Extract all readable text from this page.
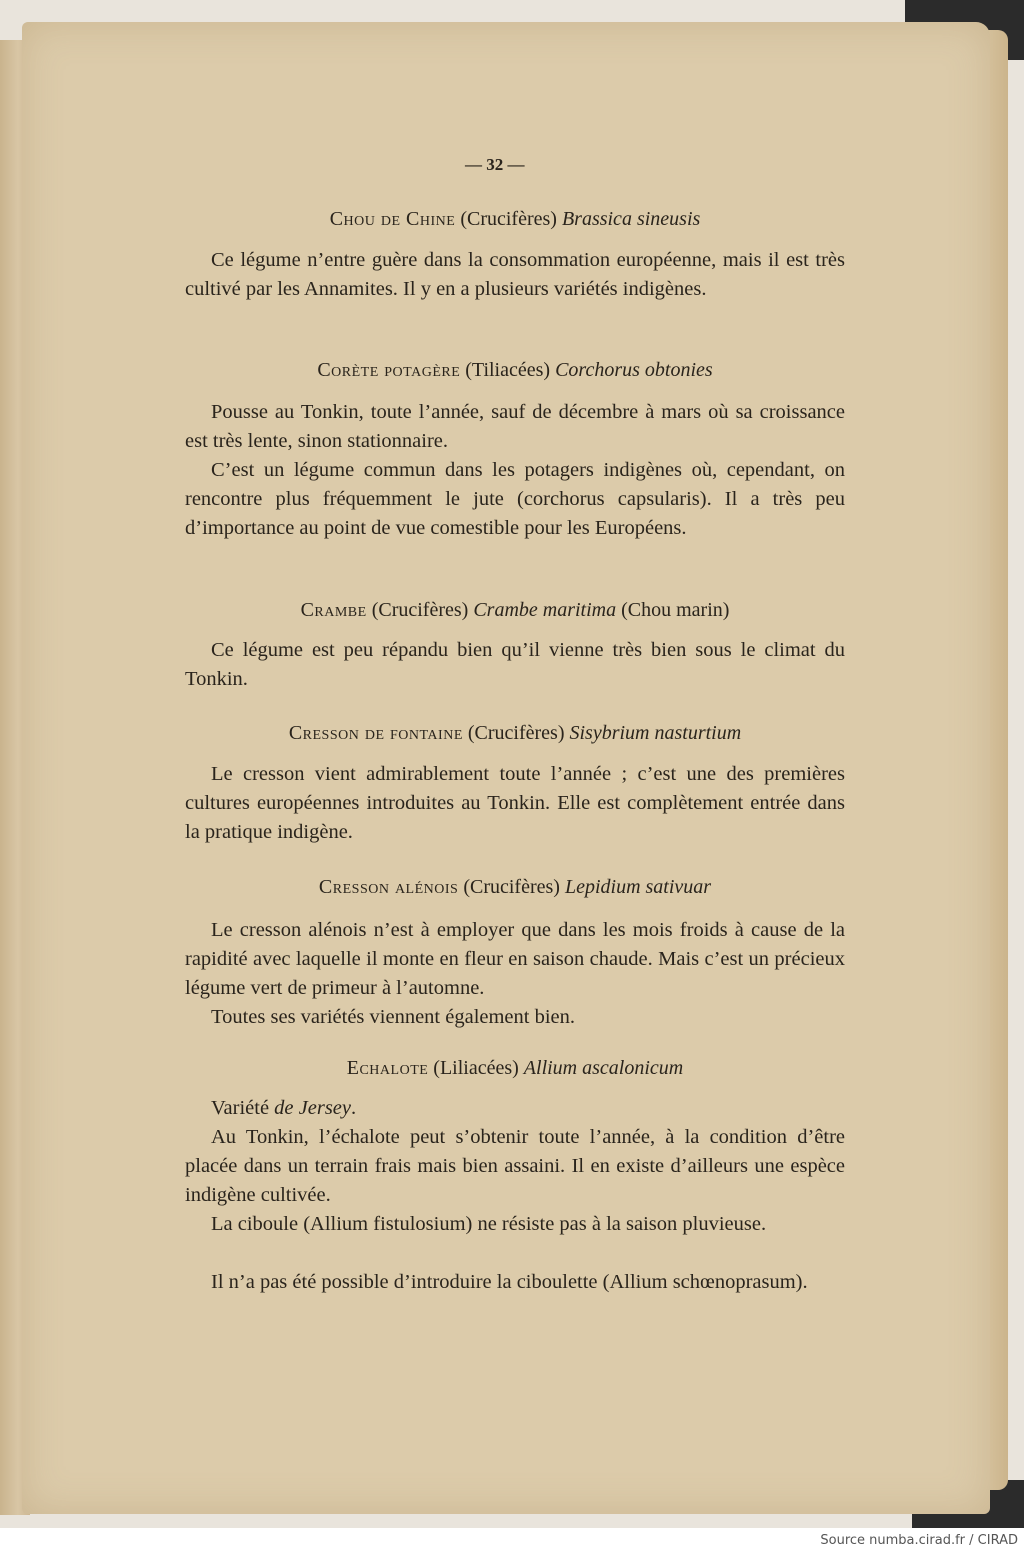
— 32 —
Chou de Chine (Crucifères) Brassica sineusis

Ce légume n’entre guère dans la consommation européenne, mais il est très cultivé par les Annamites. Il y en a plusieurs variétés indigènes.

Corète potagère (Tiliacées) Corchorus obtonies

Pousse au Tonkin, toute l’année, sauf de décembre à mars où sa croissance est très lente, sinon stationnaire.

C’est un légume commun dans les potagers indigènes où, cependant, on rencontre plus fréquemment le jute (corchorus capsularis). Il a très peu d’importance au point de vue comestible pour les Européens.

Crambe (Crucifères) Crambe maritima (Chou marin)

Ce légume est peu répandu bien qu’il vienne très bien sous le climat du Tonkin.

Cresson de fontaine (Crucifères) Sisybrium nasturtium

Le cresson vient admirablement toute l’année ; c’est une des premières cultures européennes introduites au Tonkin. Elle est complètement entrée dans la pratique indigène.

Cresson alénois (Crucifères) Lepidium sativuar

Le cresson alénois n’est à employer que dans les mois froids à cause de la rapidité avec laquelle il monte en fleur en saison chaude. Mais c’est un précieux légume vert de primeur à l’automne.

Toutes ses variétés viennent également bien.

Echalote (Liliacées) Allium ascalonicum

Variété de Jersey.

Au Tonkin, l’échalote peut s’obtenir toute l’année, à la condition d’être placée dans un terrain frais mais bien assaini. Il en existe d’ailleurs une espèce indigène cultivée.

La ciboule (Allium fistulosium) ne résiste pas à la saison pluvieuse.

Il n’a pas été possible d’introduire la ciboulette (Allium schœnoprasum).

Source numba.cirad.fr / CIRAD
